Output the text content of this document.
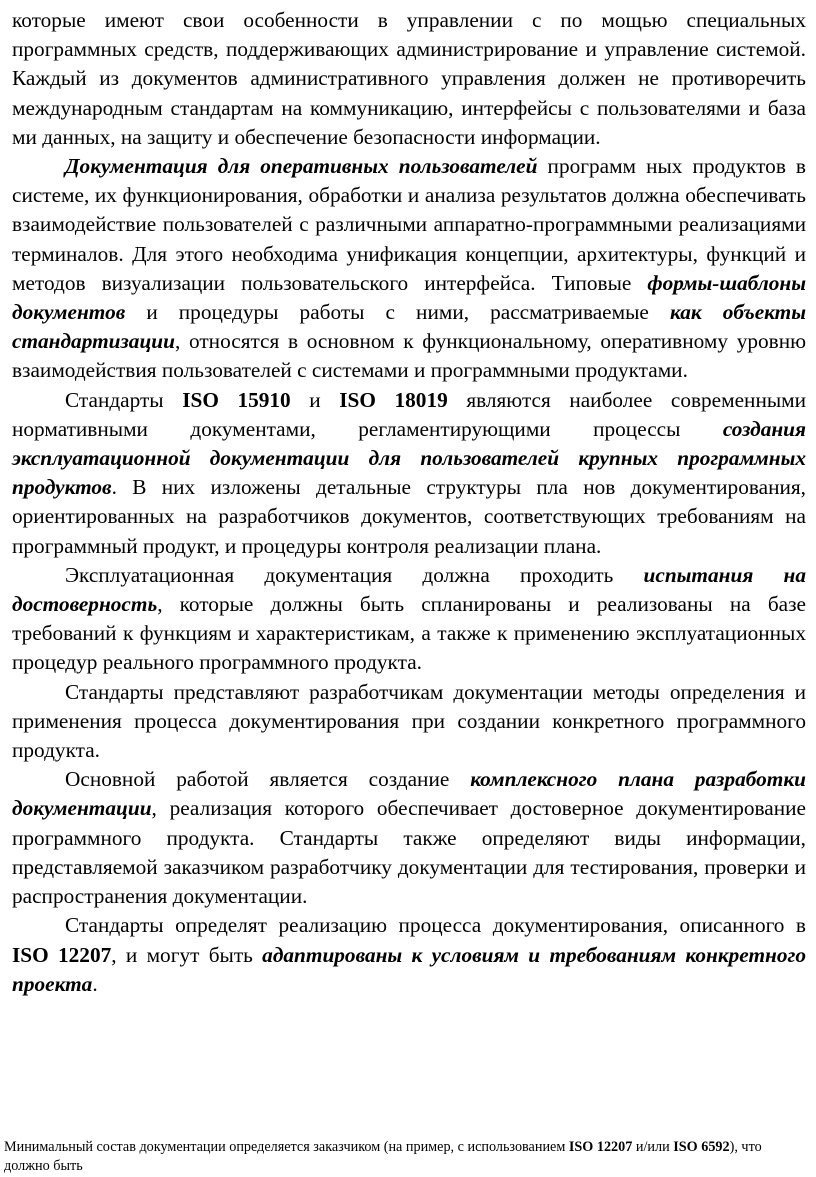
которые имеют свои особенности в управлении с по мощью специальных программных средств, поддерживающих администрирование и управление системой. Каждый из документов административного управления должен не противоречить международным стандартам на коммуникацию, интерфейсы с пользователями и база ми данных, на защиту и обеспечение безопасности информации.

Документация для оперативных пользователей программ ных продуктов в системе, их функционирования, обработки и анализа результатов должна обеспечивать взаимодействие пользователей с различными аппаратно-программными реализациями терминалов. Для этого необходима унификация концепции, архитектуры, функций и методов визуализации пользовательского интерфейса. Типовые формы-шаблоны документов и процедуры работы с ними, рассматриваемые как объекты стандартизации, относятся в основном к функциональному, оперативному уровню взаимодействия пользователей с системами и программными продуктами.

Стандарты ISO 15910 и ISO 18019 являются наиболее современными нормативными документами, регламентирующими процессы создания эксплуатационной документации для пользователей крупных программных продуктов. В них изложены детальные структуры пла нов документирования, ориентированных на разработчиков документов, соответствующих требованиям на программный продукт, и процедуры контроля реализации плана.

Эксплуатационная документация должна проходить испытания на достоверность, которые должны быть спланированы и реализованы на базе требований к функциям и характеристикам, а также к применению эксплуатационных процедур реального программного продукта.

Стандарты представляют разработчикам документации методы определения и применения процесса документирования при создании конкретного программного продукта.

Основной работой является создание комплексного плана разработки документации, реализация которого обеспечивает достоверное документирование программного продукта. Стандарты также определяют виды информации, представляемой заказчиком разработчику документации для тестирования, проверки и распространения документации.

Стандарты определят реализацию процесса документирования, описанного в ISO 12207, и могут быть адаптированы к условиям и требованиям конкретного проекта.

Минимальный состав документации определяется заказчиком (на пример, с использованием ISO 12207 и/или ISO 6592), что должно быть
